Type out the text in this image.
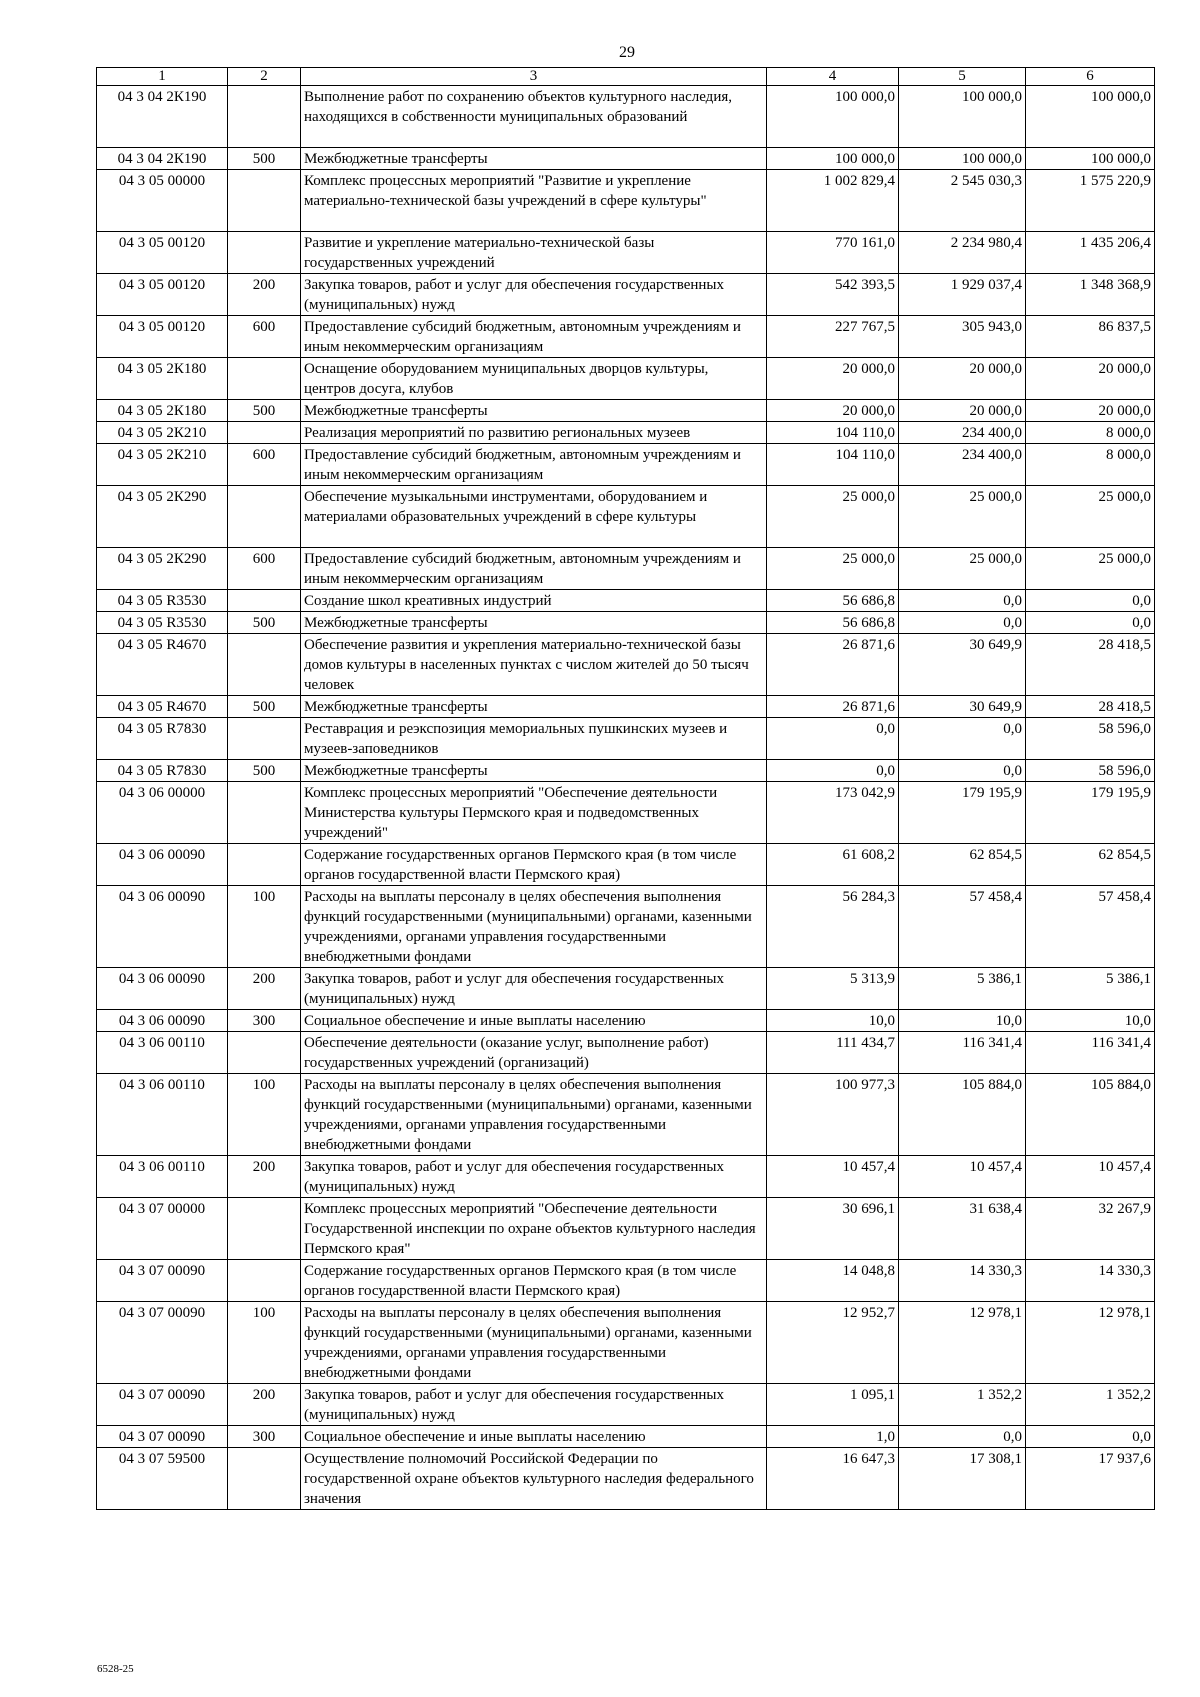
29
1	2	3	4	5	6
04 3 04 2К190		Выполнение работ по сохранению объектов культурного наследия, находящихся в собственности муниципальных образований	100 000,0	100 000,0	100 000,0
04 3 04 2К190	500	Межбюджетные трансферты	100 000,0	100 000,0	100 000,0
04 3 05 00000		Комплекс процессных мероприятий "Развитие и укрепление материально-технической базы учреждений в сфере культуры"	1 002 829,4	2 545 030,3	1 575 220,9
04 3 05 00120		Развитие и укрепление материально-технической базы государственных учреждений	770 161,0	2 234 980,4	1 435 206,4
04 3 05 00120	200	Закупка товаров, работ и услуг для обеспечения государственных (муниципальных) нужд	542 393,5	1 929 037,4	1 348 368,9
04 3 05 00120	600	Предоставление субсидий бюджетным, автономным учреждениям и иным некоммерческим организациям	227 767,5	305 943,0	86 837,5
04 3 05 2К180		Оснащение оборудованием муниципальных дворцов культуры, центров досуга, клубов	20 000,0	20 000,0	20 000,0
04 3 05 2К180	500	Межбюджетные трансферты	20 000,0	20 000,0	20 000,0
04 3 05 2К210		Реализация мероприятий по развитию региональных музеев	104 110,0	234 400,0	8 000,0
04 3 05 2К210	600	Предоставление субсидий бюджетным, автономным учреждениям и иным некоммерческим организациям	104 110,0	234 400,0	8 000,0
04 3 05 2К290		Обеспечение музыкальными инструментами, оборудованием и материалами образовательных учреждений в сфере культуры	25 000,0	25 000,0	25 000,0
04 3 05 2К290	600	Предоставление субсидий бюджетным, автономным учреждениям и иным некоммерческим организациям	25 000,0	25 000,0	25 000,0
04 3 05 R3530		Создание школ креативных индустрий	56 686,8	0,0	0,0
04 3 05 R3530	500	Межбюджетные трансферты	56 686,8	0,0	0,0
04 3 05 R4670		Обеспечение развития и укрепления материально-технической базы домов культуры в населенных пунктах с числом жителей до 50 тысяч человек	26 871,6	30 649,9	28 418,5
04 3 05 R4670	500	Межбюджетные трансферты	26 871,6	30 649,9	28 418,5
04 3 05 R7830		Реставрация и реэкспозиция мемориальных пушкинских музеев и музеев-заповедников	0,0	0,0	58 596,0
04 3 05 R7830	500	Межбюджетные трансферты	0,0	0,0	58 596,0
04 3 06 00000		Комплекс процессных мероприятий "Обеспечение деятельности Министерства культуры Пермского края и подведомственных учреждений"	173 042,9	179 195,9	179 195,9
04 3 06 00090		Содержание государственных органов Пермского края (в том числе органов государственной власти Пермского края)	61 608,2	62 854,5	62 854,5
04 3 06 00090	100	Расходы на выплаты персоналу в целях обеспечения выполнения функций государственными (муниципальными) органами, казенными учреждениями, органами управления государственными внебюджетными фондами	56 284,3	57 458,4	57 458,4
04 3 06 00090	200	Закупка товаров, работ и услуг для обеспечения государственных (муниципальных) нужд	5 313,9	5 386,1	5 386,1
04 3 06 00090	300	Социальное обеспечение и иные выплаты населению	10,0	10,0	10,0
04 3 06 00110		Обеспечение деятельности (оказание услуг, выполнение работ) государственных учреждений (организаций)	111 434,7	116 341,4	116 341,4
04 3 06 00110	100	Расходы на выплаты персоналу в целях обеспечения выполнения функций государственными (муниципальными) органами, казенными учреждениями, органами управления государственными внебюджетными фондами	100 977,3	105 884,0	105 884,0
04 3 06 00110	200	Закупка товаров, работ и услуг для обеспечения государственных (муниципальных) нужд	10 457,4	10 457,4	10 457,4
04 3 07 00000		Комплекс процессных мероприятий "Обеспечение деятельности Государственной инспекции по охране объектов культурного наследия Пермского края"	30 696,1	31 638,4	32 267,9
04 3 07 00090		Содержание государственных органов Пермского края (в том числе органов государственной власти Пермского края)	14 048,8	14 330,3	14 330,3
04 3 07 00090	100	Расходы на выплаты персоналу в целях обеспечения выполнения функций государственными (муниципальными) органами, казенными учреждениями, органами управления государственными внебюджетными фондами	12 952,7	12 978,1	12 978,1
04 3 07 00090	200	Закупка товаров, работ и услуг для обеспечения государственных (муниципальных) нужд	1 095,1	1 352,2	1 352,2
04 3 07 00090	300	Социальное обеспечение и иные выплаты населению	1,0	0,0	0,0
04 3 07 59500		Осуществление полномочий Российской Федерации по государственной охране объектов культурного наследия федерального значения	16 647,3	17 308,1	17 937,6
6528-25
